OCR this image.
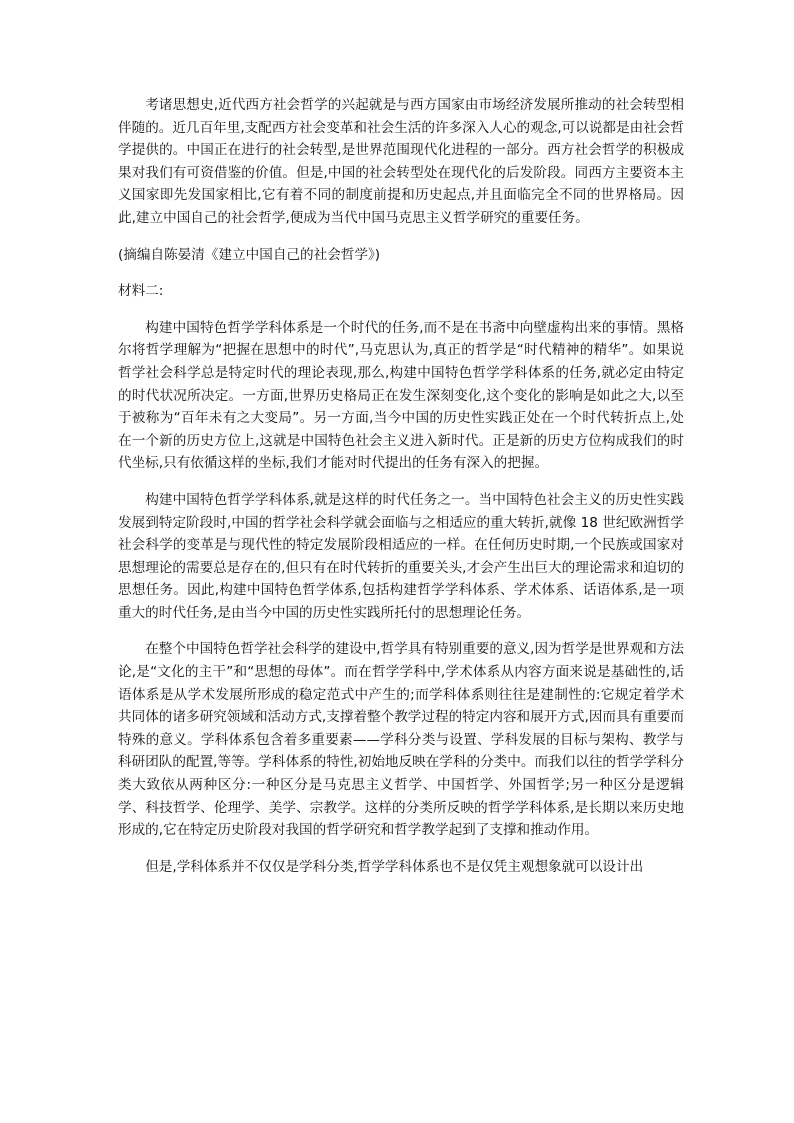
考诸思想史,近代西方社会哲学的兴起就是与西方国家由市场经济发展所推动的社会转型相伴随的。近几百年里,支配西方社会变革和社会生活的许多深入人心的观念,可以说都是由社会哲学提供的。中国正在进行的社会转型,是世界范围现代化进程的一部分。西方社会哲学的积极成果对我们有可资借鉴的价值。但是,中国的社会转型处在现代化的后发阶段。同西方主要资本主义国家即先发国家相比,它有着不同的制度前提和历史起点,并且面临完全不同的世界格局。因此,建立中国自己的社会哲学,便成为当代中国马克思主义哲学研究的重要任务。

(摘编自陈晏清《建立中国自己的社会哲学》)

材料二:

构建中国特色哲学学科体系是一个时代的任务,而不是在书斋中向壁虚构出来的事情。黑格尔将哲学理解为“把握在思想中的时代”,马克思认为,真正的哲学是“时代精神的精华”。如果说哲学社会科学总是特定时代的理论表现,那么,构建中国特色哲学学科体系的任务,就必定由特定的时代状况所决定。一方面,世界历史格局正在发生深刻变化,这个变化的影响是如此之大,以至于被称为“百年未有之大变局”。另一方面,当今中国的历史性实践正处在一个时代转折点上,处在一个新的历史方位上,这就是中国特色社会主义进入新时代。正是新的历史方位构成我们的时代坐标,只有依循这样的坐标,我们才能对时代提出的任务有深入的把握。

构建中国特色哲学学科体系,就是这样的时代任务之一。当中国特色社会主义的历史性实践发展到特定阶段时,中国的哲学社会科学就会面临与之相适应的重大转折,就像 18 世纪欧洲哲学社会科学的变革是与现代性的特定发展阶段相适应的一样。在任何历史时期,一个民族或国家对思想理论的需要总是存在的,但只有在时代转折的重要关头,才会产生出巨大的理论需求和迫切的思想任务。因此,构建中国特色哲学体系,包括构建哲学学科体系、学术体系、话语体系,是一项重大的时代任务,是由当今中国的历史性实践所托付的思想理论任务。

在整个中国特色哲学社会科学的建设中,哲学具有特别重要的意义,因为哲学是世界观和方法论,是“文化的主干”和“思想的母体”。而在哲学学科中,学术体系从内容方面来说是基础性的,话语体系是从学术发展所形成的稳定范式中产生的;而学科体系则往往是建制性的:它规定着学术共同体的诸多研究领域和活动方式,支撑着整个教学过程的特定内容和展开方式,因而具有重要而特殊的意义。学科体系包含着多重要素——学科分类与设置、学科发展的目标与架构、教学与科研团队的配置,等等。学科体系的特性,初始地反映在学科的分类中。而我们以往的哲学学科分类大致依从两种区分:一种区分是马克思主义哲学、中国哲学、外国哲学;另一种区分是逻辑学、科技哲学、伦理学、美学、宗教学。这样的分类所反映的哲学学科体系,是长期以来历史地形成的,它在特定历史阶段对我国的哲学研究和哲学教学起到了支撑和推动作用。

但是,学科体系并不仅仅是学科分类,哲学学科体系也不是仅凭主观想象就可以设计出
